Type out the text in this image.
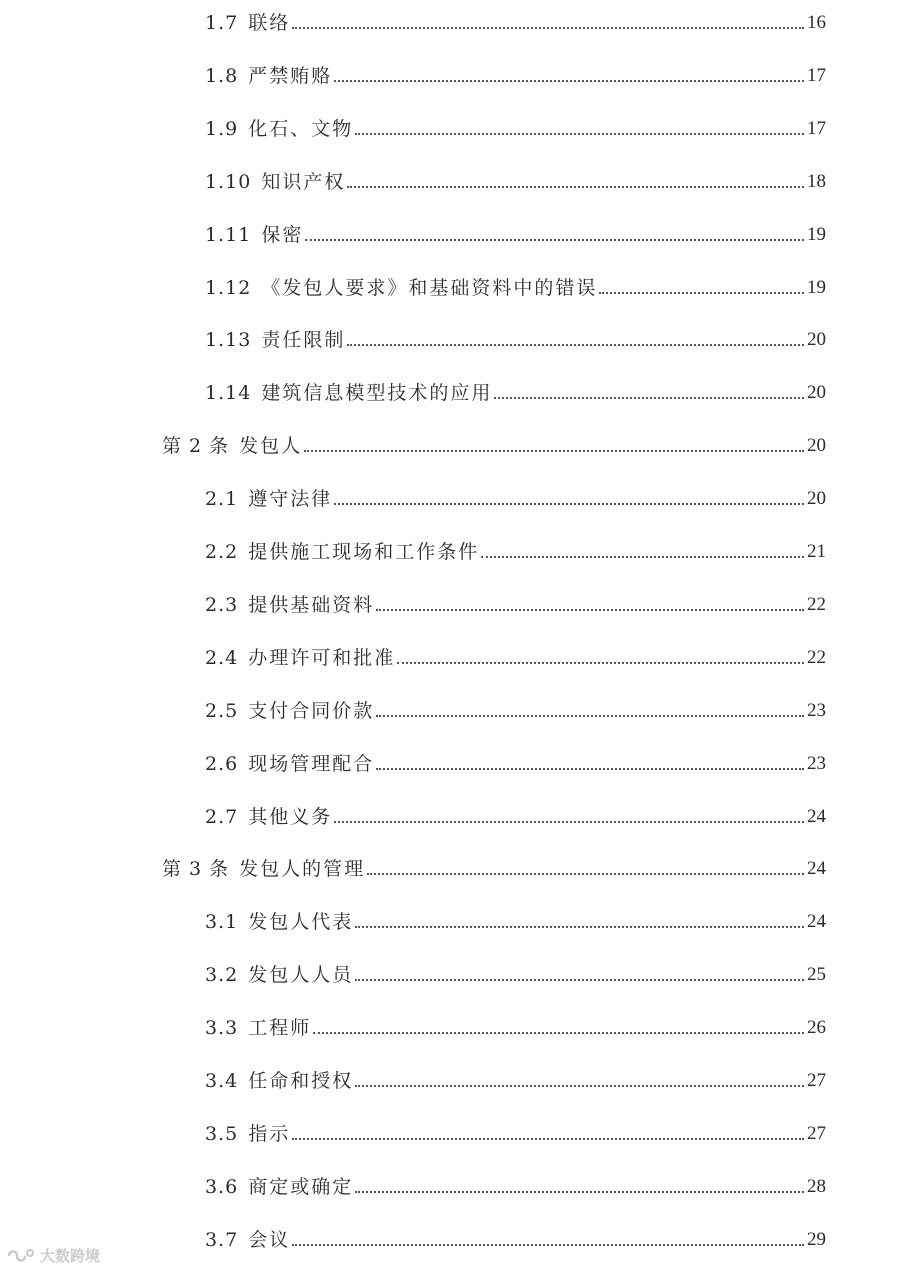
1.7 联络	16
1.8 严禁贿赂	17
1.9 化石、文物	17
1.10 知识产权	18
1.11 保密	19
1.12 《发包人要求》和基础资料中的错误	19
1.13 责任限制	20
1.14 建筑信息模型技术的应用	20
第 2 条 发包人	20
2.1 遵守法律	20
2.2 提供施工现场和工作条件	21
2.3 提供基础资料	22
2.4 办理许可和批准	22
2.5 支付合同价款	23
2.6 现场管理配合	23
2.7 其他义务	24
第 3 条 发包人的管理	24
3.1 发包人代表	24
3.2 发包人人员	25
3.3 工程师	26
3.4 任命和授权	27
3.5 指示	27
3.6 商定或确定	28
3.7 会议	29
大数跨境
